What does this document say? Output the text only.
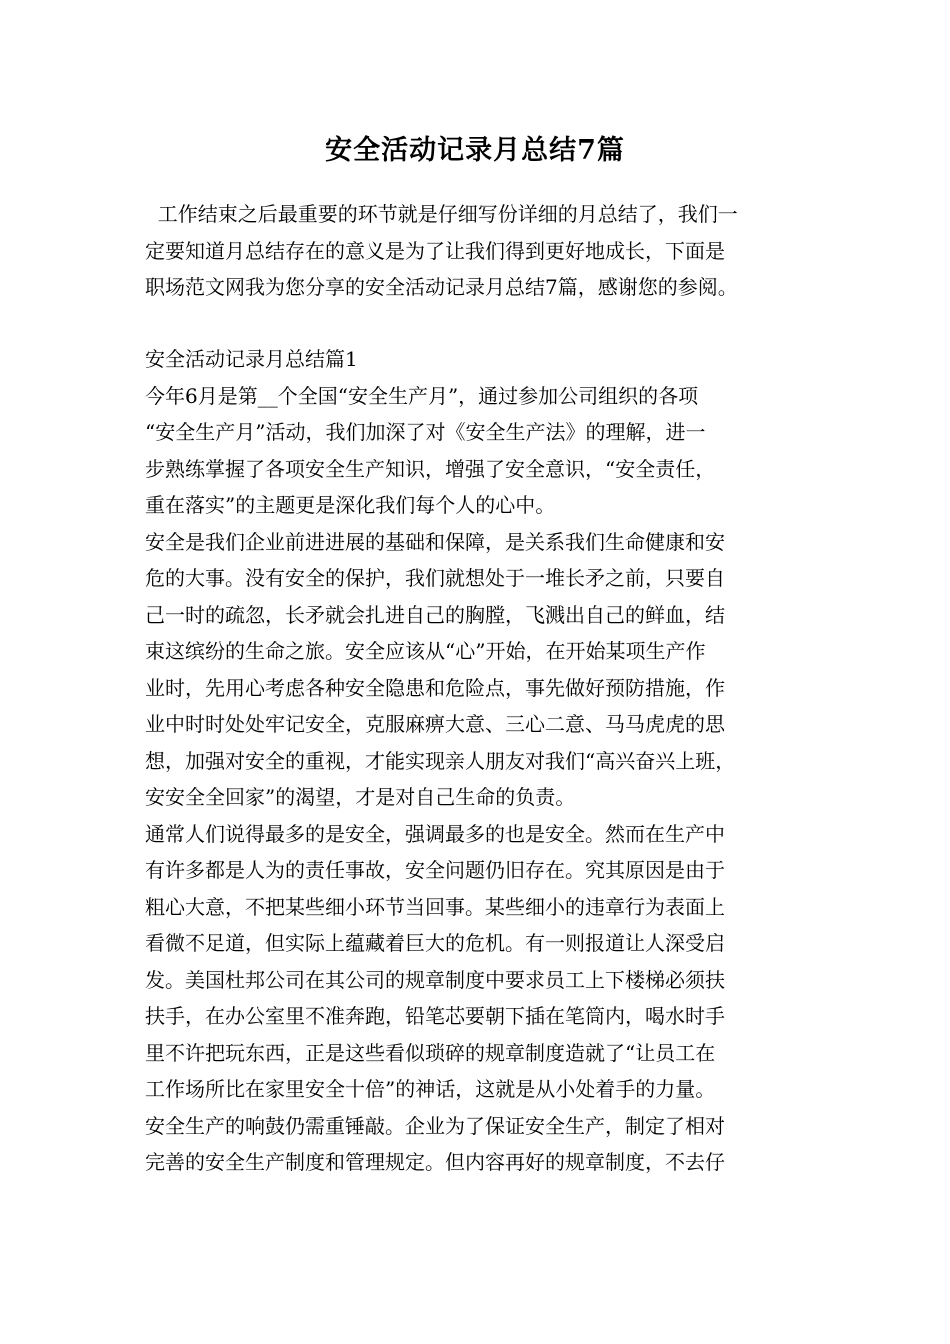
安全活动记录月总结7篇
工作结束之后最重要的环节就是仔细写份详细的月总结了，我们一
定要知道月总结存在的意义是为了让我们得到更好地成长，下面是
职场范文网我为您分享的安全活动记录月总结7篇，感谢您的参阅。
安全活动记录月总结篇1
今年6月是第__个全国“安全生产月”，通过参加公司组织的各项
“安全生产月”活动，我们加深了对《安全生产法》的理解，进一
步熟练掌握了各项安全生产知识，增强了安全意识，“安全责任，
重在落实”的主题更是深化我们每个人的心中。
安全是我们企业前进进展的基础和保障，是关系我们生命健康和安
危的大事。没有安全的保护，我们就想处于一堆长矛之前，只要自
己一时的疏忽，长矛就会扎进自己的胸膛，飞溅出自己的鲜血，结
束这缤纷的生命之旅。安全应该从“心”开始，在开始某项生产作
业时，先用心考虑各种安全隐患和危险点，事先做好预防措施，作
业中时时处处牢记安全，克服麻痹大意、三心二意、马马虎虎的思
想，加强对安全的重视，才能实现亲人朋友对我们“高兴奋兴上班，
安安全全回家”的渴望，才是对自己生命的负责。
通常人们说得最多的是安全，强调最多的也是安全。然而在生产中
有许多都是人为的责任事故，安全问题仍旧存在。究其原因是由于
粗心大意，不把某些细小环节当回事。某些细小的违章行为表面上
看微不足道，但实际上蕴藏着巨大的危机。有一则报道让人深受启
发。美国杜邦公司在其公司的规章制度中要求员工上下楼梯必须扶
扶手，在办公室里不准奔跑，铅笔芯要朝下插在笔筒内，喝水时手
里不许把玩东西，正是这些看似琐碎的规章制度造就了“让员工在
工作场所比在家里安全十倍”的神话，这就是从小处着手的力量。
安全生产的响鼓仍需重锤敲。企业为了保证安全生产，制定了相对
完善的安全生产制度和管理规定。但内容再好的规章制度，不去仔
